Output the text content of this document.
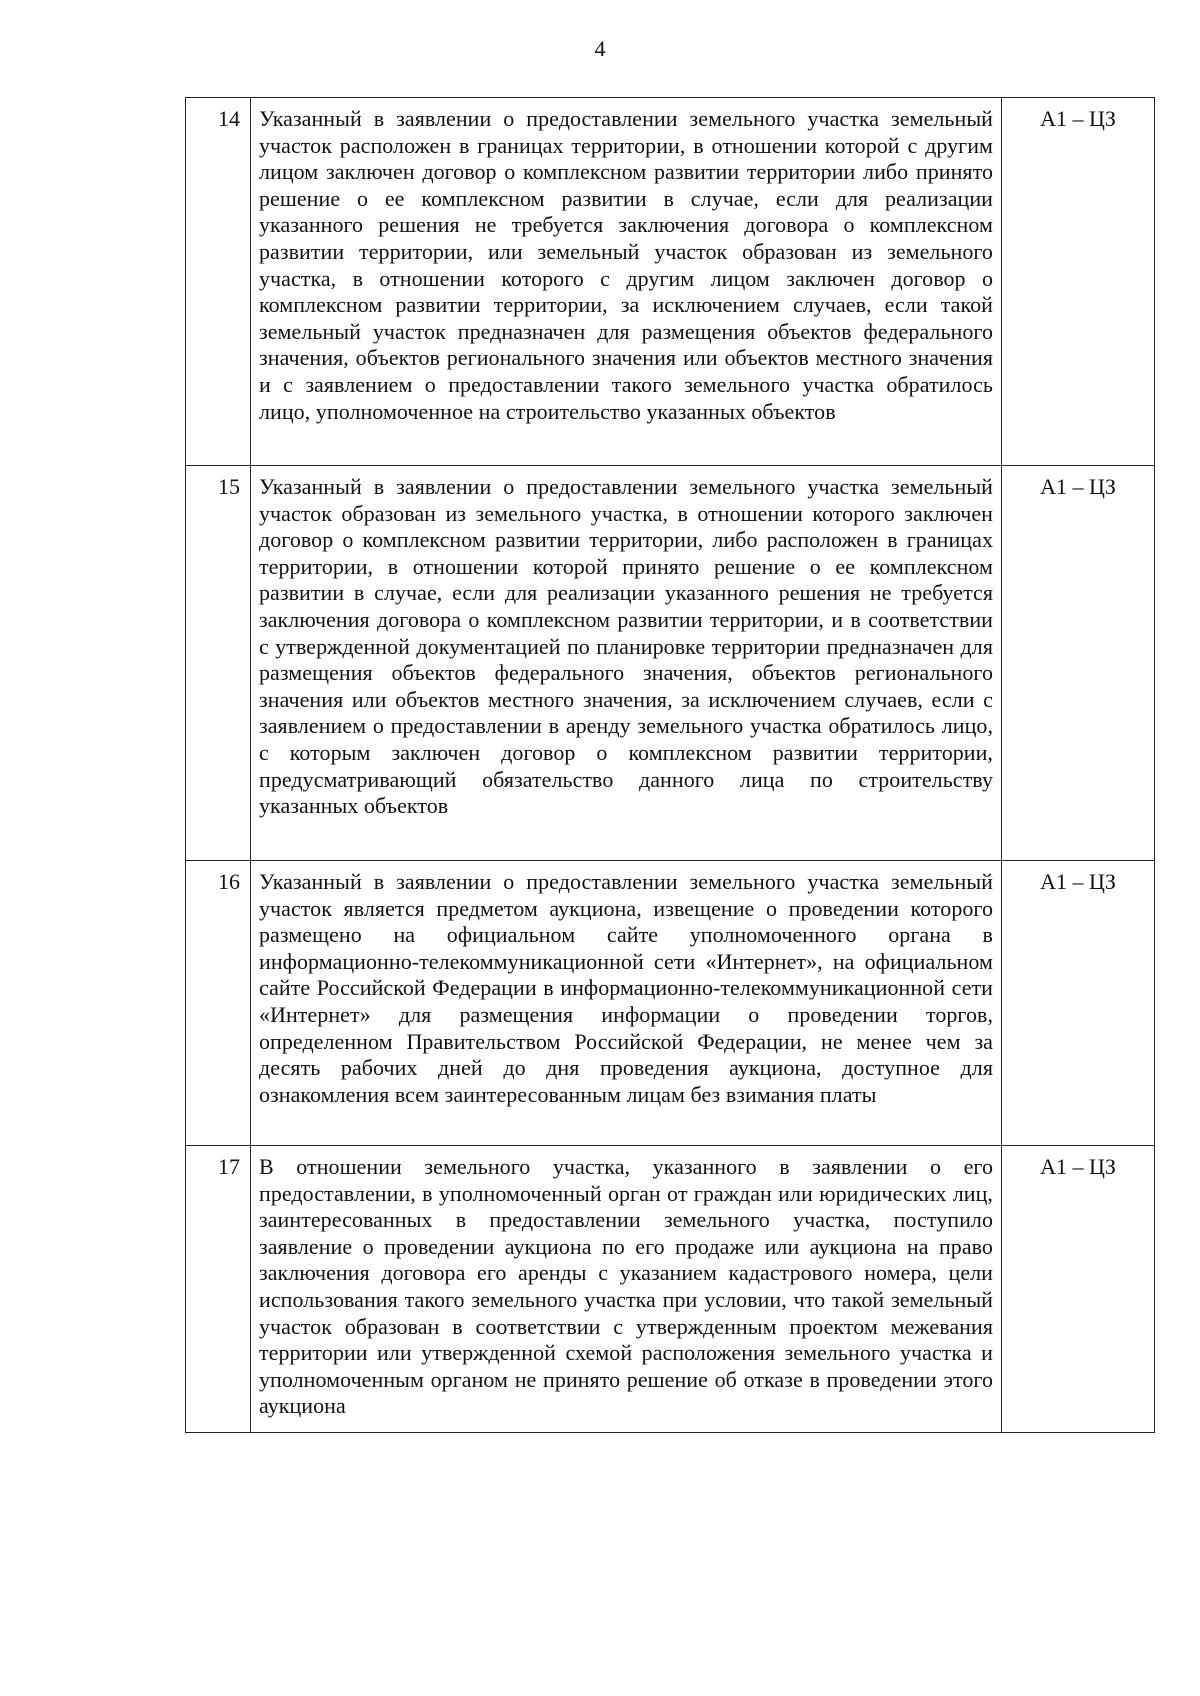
4
14	Указанный в заявлении о предоставлении земельного участка земельный участок расположен в границах территории, в отношении которой с другим лицом заключен договор о комплексном развитии территории либо принято решение о ее комплексном развитии в случае, если для реализации указанного решения не требуется заключения договора о комплексном развитии территории, или земельный участок образован из земельного участка, в отношении которого с другим лицом заключен договор о комплексном развитии территории, за исключением случаев, если такой земельный участок предназначен для размещения объектов федерального значения, объектов регионального значения или объектов местного значения и с заявлением о предоставлении такого земельного участка обратилось лицо, уполномоченное на строительство указанных объектов	А1 – ЦЗ
15	Указанный в заявлении о предоставлении земельного участка земельный участок образован из земельного участка, в отношении которого заключен договор о комплексном развитии территории, либо расположен в границах территории, в отношении которой принято решение о ее комплексном развитии в случае, если для реализации указанного решения не требуется заключения договора о комплексном развитии территории, и в соответствии с утвержденной документацией по планировке территории предназначен для размещения объектов федерального значения, объектов регионального значения или объектов местного значения, за исключением случаев, если с заявлением о предоставлении в аренду земельного участка обратилось лицо, с которым заключен договор о комплексном развитии территории, предусматривающий обязательство данного лица по строительству указанных объектов	А1 – ЦЗ
16	Указанный в заявлении о предоставлении земельного участка земельный участок является предметом аукциона, извещение о проведении которого размещено на официальном сайте уполномоченного органа в информационно-телекоммуникационной сети «Интернет», на официальном сайте Российской Федерации в информационно-телекоммуникационной сети «Интернет» для размещения информации о проведении торгов, определенном Правительством Российской Федерации, не менее чем за десять рабочих дней до дня проведения аукциона, доступное для ознакомления всем заинтересованным лицам без взимания платы	А1 – ЦЗ
17	В отношении земельного участка, указанного в заявлении о его предоставлении, в уполномоченный орган от граждан или юридических лиц, заинтересованных в предоставлении земельного участка, поступило заявление о проведении аукциона по его продаже или аукциона на право заключения договора его аренды с указанием кадастрового номера, цели использования такого земельного участка при условии, что такой земельный участок образован в соответствии с утвержденным проектом межевания территории или утвержденной схемой расположения земельного участка и уполномоченным органом не принято решение об отказе в проведении этого аукциона	А1 – ЦЗ
